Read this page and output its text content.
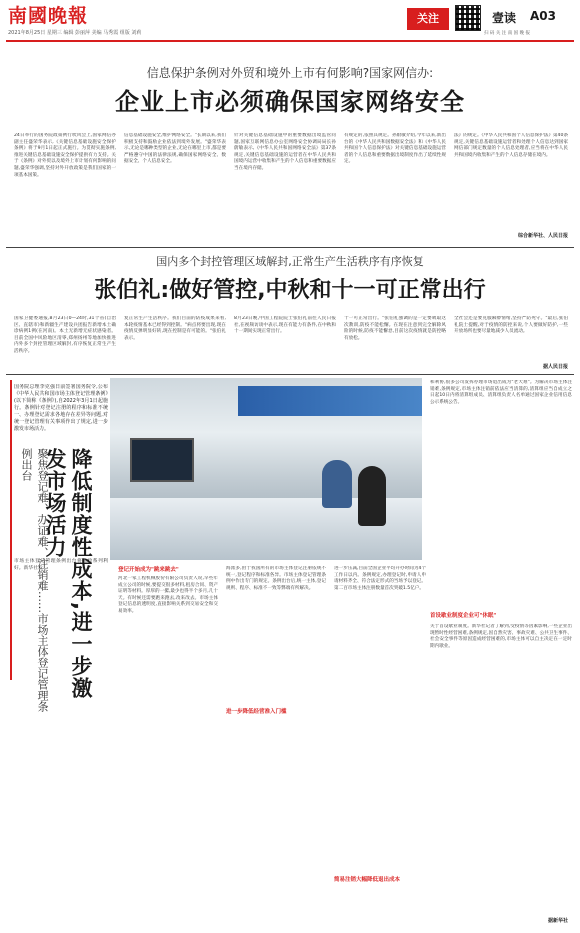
南國晚報
2021年8月25日 星期三 编辑 彭丽萍 美编 马秀霞 组版 刘莉
关注
扫 码 关 注 南 国 晚 报
壹读 A03
信息保护条例对外贸和境外上市有何影响?国家网信办:
企业上市必须确保国家网络安全
24日举行的国务院政策例行吹风会上,国家网信办副主任盛荣华表示,《关键信息基础设施安全保护条例》将于9月1日起正式施行。为贯彻实施条例,推进关键信息基础设施安全保护提供有力支持。关于《条例》对外贸以及境外上市计划有何影响的问题,盛荣华强调,坚持对外开放政策是我们国家的一项基本国策。
信息基础设施安全,维护网络安全。"长期以来,我们积极支持和鼓励企业依法到境外发展。"盛荣华表示,无论是哪种类型的企业,无论在哪里上市,都是要严格遵守中国的法律法规,确保国家网络安全、数据安全、个人信息安全。
针对关键信息基础设施中的重要数据出境监管问题,国家互联网信息办公室网络安全协调局局长孙蔚敏表示,《中华人民共和国网络安全法》第37条规定,关键信息基础设施的运营者在中华人民共和国境内运营中收集和产生的个人信息和重要数据应当在境内存储。
有规定的,依照其规定。孙蔚敏介绍,今年以来,新出台的《中华人民共和国数据安全法》和《中华人民共和国个人信息保护法》对关键信息基础设施运营者的个人信息和重要数据出境制度作出了延续性规定。
法》的规定。《中华人民共和国个人信息保护法》第40条规定,关键信息基础设施运营者和处理个人信息达到国家网信部门规定数量的个人信息处理者,应当将在中华人民共和国境内收集和产生的个人信息存储在境内。
综合新华社、人民日报
国内多个封控管理区域解封,正常生产生活秩序有序恢复
张伯礼:做好管控,中秋和十一可正常出行
国家卫健委通报,8月23日0—24时,31个省(自治区、直辖市)和新疆生产建设兵团报告新增本土确诊病例1例(在河南)。本土无新增无症状感染者。目前全国中风险地区清零,郑州扬州等地加快推进内外多个封控管理区域解封,有序恢复正常生产生活秩序。
复正常生产生活秩序。我们目前的防疫成果来看,本轮疫情基本已经得到控制。"病点将要出现,现在疫情反弹明显好转,现在控制是有可能的。"张伯礼表示。
8月23日晚,中国工程院院士张伯礼前往人民日报社,在视频访谈中表示,现在有能力有条件,在中秋和十一期间实现正常出行。
十一可正常出行。"张伯礼强调的是一定要吸取这次教训,防疫不能松懈。在现在注意到完全解除风险的时候,防疫不能懈怠,目前这次疫情就是防控略有放松。
全社会还是要克服麻痹情绪,坚持严防死守。"最后,张伯礼院士提醒,对于疫情的防控来说,个人要做好防护,一些开放场所也要尽量地减少人员流动。
据人民日报
国务院总理李克强日前签署国务院令,公布《中华人民共和国市场主体登记管理条例》(以下简称《条例》),自2022年3月1日起施行。条例针对登记注册的程序和标准不统一、办理登记需求各地存在差异等问题,对统一登记管理有关事项作出了规定,进一步激发市场活力。
市场主体登记管理条例出台将简政系列利好。新华社发	降低制度性成本,进一步激发市场活力
聚焦登记难、办证难、注销难……市场主体登记管理条例出台
登记开始成为"跳来跳去"
河北一家工程机械股份有限公司负责人说,早些年成立公司的时候,要提交很多材料,租房合同、资产证明等材料。厚厚的一摞,最少也得半个多月,几十天。有时候还需要跑来跑去,改来改去。市场主体登记信息的透明度,直接影响关系到交易安全和交易效率。
海派多,由于我国所有的市场主体登记注册依规不统一,登记程序和标准各异。市场主体登记管理条例中作出专门的规定。条例出台后,统一主体,登记规则、程序、标准不一致等弊端有所解决。
进一步降低经营准入门槛
进一步压减,目前全国企业平均开办时间为4个工作日以内。条例规定,办理登记时,申请人申请材料齐全、符合法定形式的当场予以登记。第二百市场主体注册数量首次突破1.5亿户。
简易注销大幅降低退出成本
和利协,很多公司发挥办理市场退出成为"老大难"。为解决市场主体注销难,条例规定,市场主体注销前依法应当清算的,清算组应当自成立之日起10日内将清算组成员、清算组负责人名单通过国家企业信用信息公示系统公告。
首设歇业制度企业可"休眠"
关于首设歇业制度。新华社记者了解到,受疫情等因素影响,一些企业出现暂时性经营困难,条例规定,因自然灾害、事故灾难、公共卫生事件、社会安全事件等原因造成经营困难的,市场主体可以自主决定在一定时期内歇业。
据新华社
